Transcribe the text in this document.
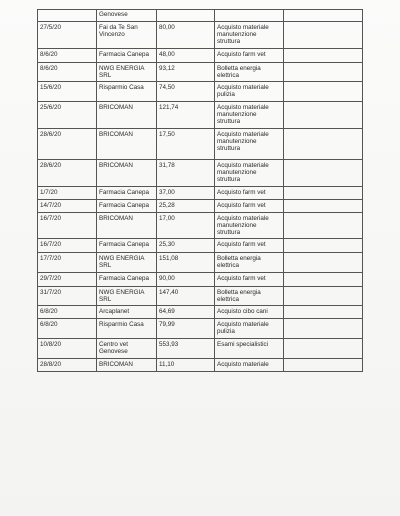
	Genovese			
27/5/20	Fai da Te San Vincenzo	80,00	Acquisto materiale manutenzione struttura	
8/6/20	Farmacia Canepa	48,00	Acquisto farm vet	
8/6/20	NWG ENERGIA SRL	93,12	Bolletta energia elettrica	
15/6/20	Risparmio Casa	74,50	Acquisto materiale pulizia	
25/6/20	BRICOMAN	121,74	Acquisto materiale manutenzione struttura	
28/6/20	BRICOMAN	17,50	Acquisto materiale manutenzione struttura	
28/6/20	BRICOMAN	31,78	Acquisto materiale manutenzione struttura	
1/7/20	Farmacia Canepa	37,00	Acquisto farm vet	
14/7/20	Farmacia Canepa	25,28	Acquisto farm vet	
16/7/20	BRICOMAN	17,00	Acquisto materiale manutenzione struttura	
16/7/20	Farmacia Canepa	25,30	Acquisto farm vet	
17/7/20	NWG ENERGIA SRL	151,08	Bolletta energia elettrica	
29/7/20	Farmacia Canepa	90,00	Acquisto farm vet	
31/7/20	NWG ENERGIA SRL	147,40	Bolletta energia elettrica	
6/8/20	Arcaplanet	64,69	Acquisto cibo cani	
6/8/20	Risparmio Casa	79,99	Acquisto materiale pulizia	
10/8/20	Centro vet Genovese	553,93	Esami specialistici	
28/8/20	BRICOMAN	11,10	Acquisto materiale	
